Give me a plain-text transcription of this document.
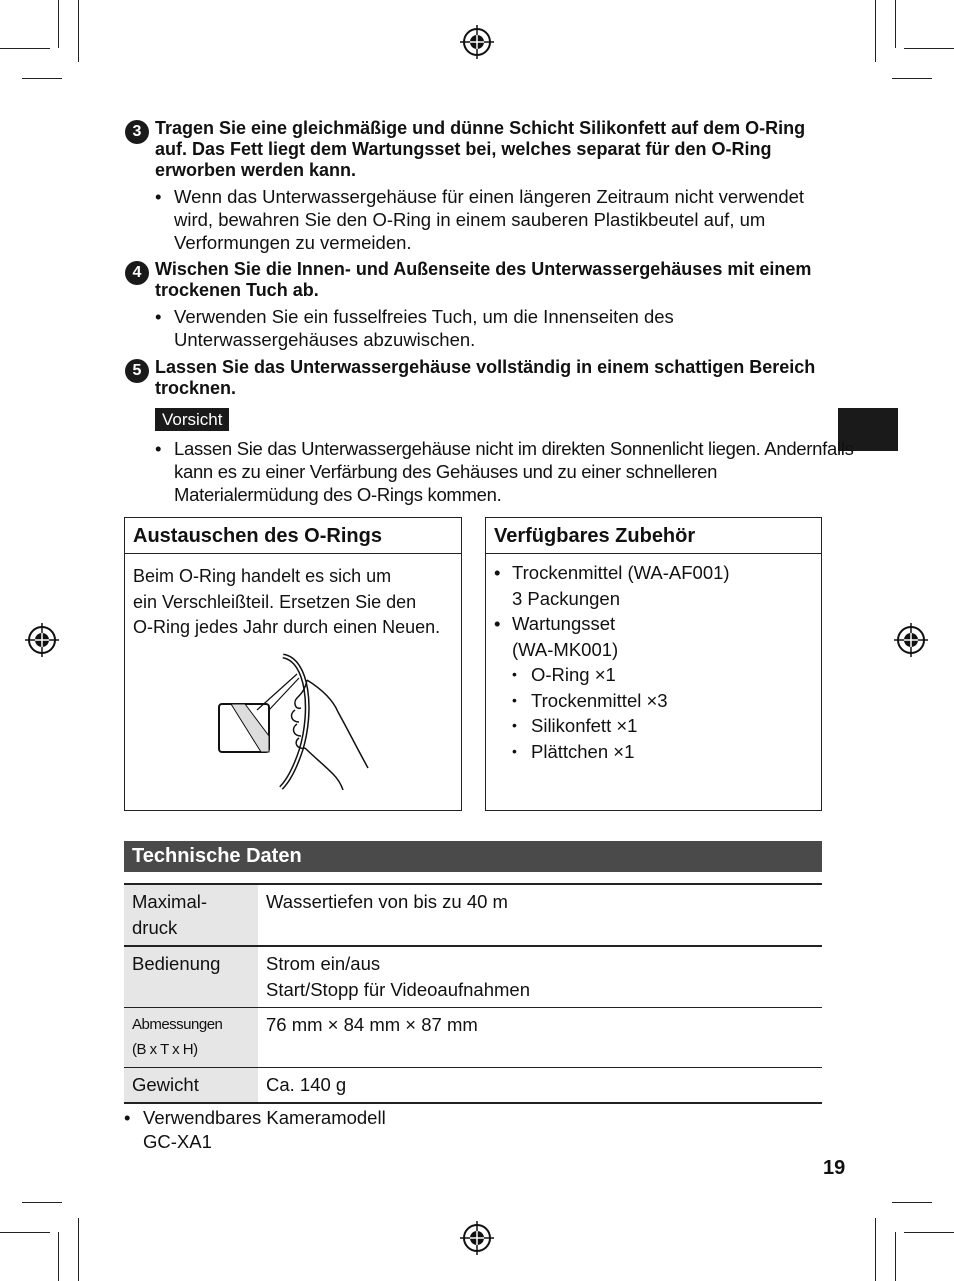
3 Tragen Sie eine gleichmäßige und dünne Schicht Silikonfett auf dem O-Ring auf. Das Fett liegt dem Wartungsset bei, welches separat für den O-Ring erworben werden kann.
• Wenn das Unterwassergehäuse für einen längeren Zeitraum nicht verwendet wird, bewahren Sie den O-Ring in einem sauberen Plastikbeutel auf, um Verformungen zu vermeiden.
4 Wischen Sie die Innen- und Außenseite des Unterwassergehäuses mit einem trockenen Tuch ab.
• Verwenden Sie ein fusselfreies Tuch, um die Innenseiten des Unterwassergehäuses abzuwischen.
5 Lassen Sie das Unterwassergehäuse vollständig in einem schattigen Bereich trocknen.
Vorsicht
• Lassen Sie das Unterwassergehäuse nicht im direkten Sonnenlicht liegen. Andernfalls kann es zu einer Verfärbung des Gehäuses und zu einer schnelleren Materialermüdung des O-Rings kommen.
Austauschen des O-Rings
Beim O-Ring handelt es sich um
ein Verschleißteil. Ersetzen Sie den
O-Ring jedes Jahr durch einen Neuen.
Verfügbares Zubehör
• Trockenmittel (WA-AF001)
3 Packungen
• Wartungsset
(WA-MK001)
• O-Ring ×1
• Trockenmittel ×3
• Silikonfett ×1
• Plättchen ×1
Technische Daten
Maximal-
druck	Wassertiefen von bis zu 40 m

Bedienung	Strom ein/aus
Start/Stopp für Videoaufnahmen

Abmessungen
(B x T x H)	76 mm × 84 mm × 87 mm

Gewicht	Ca. 140 g
• Verwendbares Kameramodell
GC-XA1
19
